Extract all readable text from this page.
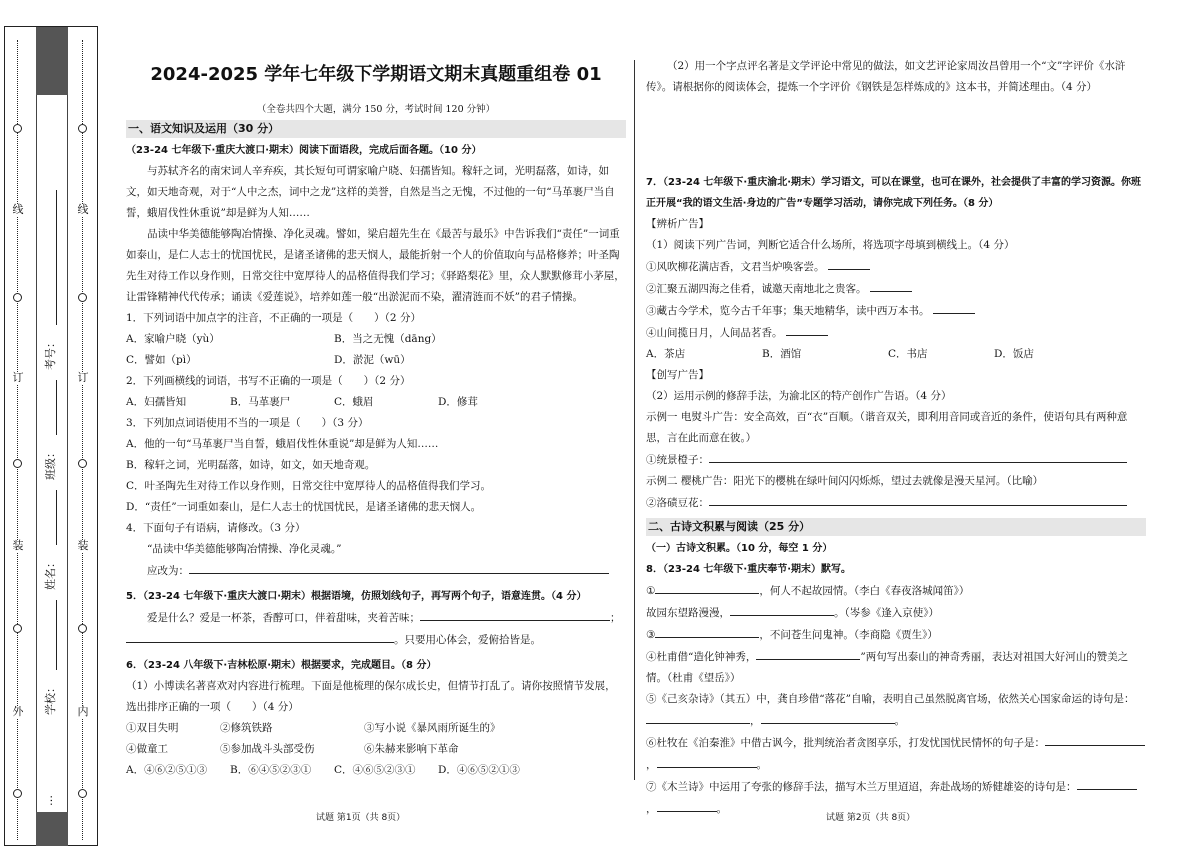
线
订
装
外
线
订
装
内
考号：
班级：
姓名：
学校：
…
2024-2025 学年七年级下学期语文期末真题重组卷 01
（全卷共四个大题，满分 150 分，考试时间 120 分钟）
一、语文知识及运用（30 分）
（23-24 七年级下·重庆大渡口·期末）阅读下面语段，完成后面各题。（10 分）

与苏轼齐名的南宋词人辛弃疾，其长短句可谓家喻户晓、妇孺皆知。稼轩之词，光明磊落，如诗，如文，如天地奇观，对于“人中之杰，词中之龙”这样的美誉，自然是当之无愧，不过他的一句“马革裹尸当自誓，蛾眉伐性休重说”却是鲜为人知……

品读中华美德能够陶冶情操、净化灵魂。譬如，梁启超先生在《最苦与最乐》中告诉我们“责任”一词重如泰山，是仁人志士的忧国忧民，是诸圣诸佛的悲天悯人，最能折射一个人的价值取向与品格修养；叶圣陶先生对待工作以身作则，日常交往中宽厚待人的品格值得我们学习；《驿路梨花》里，众人默默修茸小茅屋，让雷锋精神代代传承；诵读《爱莲说》，培养如莲一般“出淤泥而不染，濯清涟而不妖”的君子情操。

1．下列词语中加点字的注音，不正确的一项是（　　）（2 分）

A．家喻户晓（yù）	B．当之无愧（dāng）
C．譬如（pì）	D．淤泥（wū）

2．下列画横线的词语，书写不正确的一项是（　　）（2 分）

A．妇孺皆知	B．马革裹尸	C．蛾眉	D．修茸

3．下列加点词语使用不当的一项是（　　）（3 分）

A．他的一句“马革裹尸当自誓，蛾眉伐性休重说”却是鲜为人知……

B．稼轩之词，光明磊落，如诗，如文，如天地奇观。

C．叶圣陶先生对待工作以身作则，日常交往中宽厚待人的品格值得我们学习。

D．“责任”一词重如泰山，是仁人志士的忧国忧民，是诸圣诸佛的悲天悯人。

4．下面句子有语病，请修改。（3 分）

“品读中华美德能够陶冶情操、净化灵魂。”

应改为：

5．（23-24 七年级下·重庆大渡口·期末）根据语境，仿照划线句子，再写两个句子，语意连贯。（4 分）

爱是什么？爱是一杯茶，香醇可口，伴着甜味，夹着苦味；	；

。只要用心体会，爱俯拾皆是。

6．（23-24 八年级下·吉林松原·期末）根据要求，完成题目。（8 分）

（1）小博读名著喜欢对内容进行梳理。下面是他梳理的保尔成长史，但情节打乱了。请你按照情节发展，选出排序正确的一项（　　）（4 分）

①双目失明	②修筑铁路	③写小说《暴风雨所诞生的》
④做童工	⑤参加战斗头部受伤	⑥朱赫来影响下革命
A．④⑥②⑤①③	B．⑥④⑤②③①	C．④⑥⑤②③①	D．④⑥⑤②①③

（2）用一个字点评名著是文学评论中常见的做法，如文艺评论家周汝昌曾用一个“文”字评价《水浒传》。请根据你的阅读体会，提炼一个字评价《钢铁是怎样炼成的》这本书，并简述理由。（4 分）

7．（23-24 七年级下·重庆渝北·期末）学习语文，可以在课堂，也可在课外，社会提供了丰富的学习资源。你班正开展“我的语文生活·身边的广告”专题学习活动，请你完成下列任务。（8 分）

【辨析广告】

（1）阅读下列广告词，判断它适合什么场所，将选项字母填到横线上。（4 分）

①风吹柳花满店香，文君当炉唤客尝。

②汇聚五湖四海之佳肴，诚邀天南地北之贵客。

③藏古今学术，览今古千年事；集天地精华，读中西万本书。

④山间揽日月，人间品茗香。

A．茶店	B．酒馆	C．书店	D．饭店

【创写广告】

（2）运用示例的修辞手法，为渝北区的特产创作广告语。（4 分）

示例一 电熨斗广告：安全高效，百“衣”百顺。（谐音双关，即利用音同或音近的条件，使语句具有两种意思，言在此而意在彼。）

①统景橙子：

示例二 樱桃广告：阳光下的樱桃在绿叶间闪闪烁烁，望过去就像是漫天星河。（比喻）

②洛碛豆花：

二、古诗文积累与阅读（25 分）
（一）古诗文积累。（10 分，每空 1 分）
8．（23-24 七年级下·重庆奉节·期末）默写。

①	，何人不起故园情。（李白《春夜洛城闻笛》）

故园东望路漫漫，	。（岑参《逢入京使》）

③	，不问苍生问鬼神。（李商隐《贾生》）

④杜甫借“造化钟神秀，	”两句写出泰山的神奇秀丽，表达对祖国大好河山的赞美之情。（杜甫《望岳》）

⑤《己亥杂诗》（其五）中，龚自珍借“落花”自喻，表明自己虽然脱离官场，依然关心国家命运的诗句是：，	。

⑥杜牧在《泊秦淮》中借古讽今，批判统治者贪图享乐，打发忧国忧民情怀的句子是：，	。

⑦《木兰诗》中运用了夸张的修辞手法，描写木兰万里迢迢，奔赴战场的矫健雄姿的诗句是：，	。

试题 第1页（共 8页）	试题 第2页（共 8页）
